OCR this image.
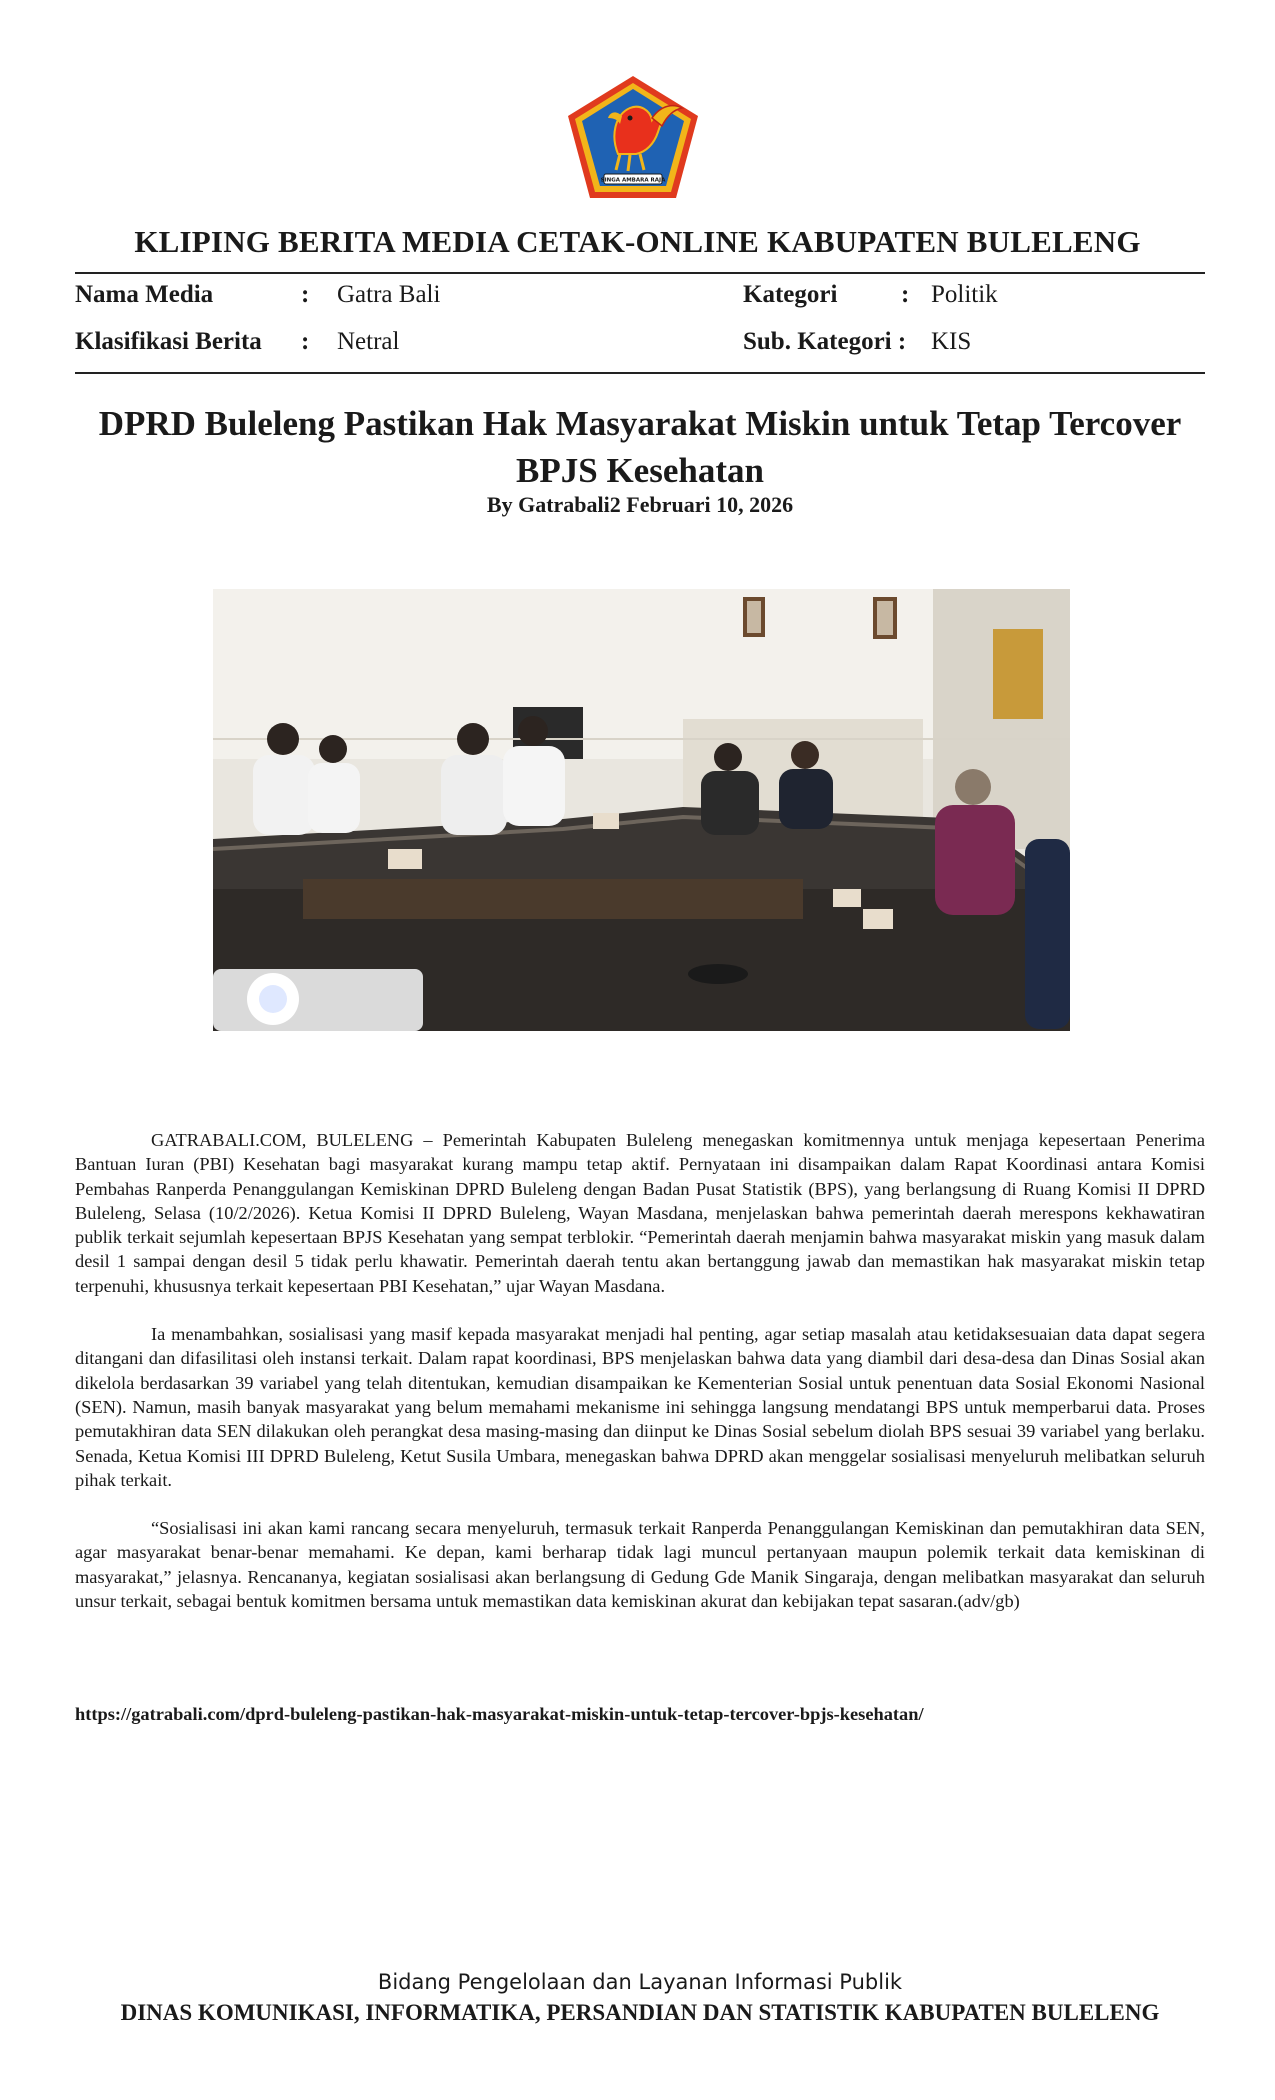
SINGA AMBARA RAJA
KLIPING BERITA MEDIA CETAK-ONLINE KABUPATEN BULELENG
Nama Media	: Gatra Bali	Kategori	: Politik
Klasifikasi Berita : Netral	Sub. Kategori : KIS
DPRD Buleleng Pastikan Hak Masyarakat Miskin untuk Tetap Tercover BPJS Kesehatan
By Gatrabali2 Februari 10, 2026

GATRABALI.COM, BULELENG – Pemerintah Kabupaten Buleleng menegaskan komitmennya untuk menjaga kepesertaan Penerima Bantuan Iuran (PBI) Kesehatan bagi masyarakat kurang mampu tetap aktif. Pernyataan ini disampaikan dalam Rapat Koordinasi antara Komisi Pembahas Ranperda Penanggulangan Kemiskinan DPRD Buleleng dengan Badan Pusat Statistik (BPS), yang berlangsung di Ruang Komisi II DPRD Buleleng, Selasa (10/2/2026). Ketua Komisi II DPRD Buleleng, Wayan Masdana, menjelaskan bahwa pemerintah daerah merespons kekhawatiran publik terkait sejumlah kepesertaan BPJS Kesehatan yang sempat terblokir. “Pemerintah daerah menjamin bahwa masyarakat miskin yang masuk dalam desil 1 sampai dengan desil 5 tidak perlu khawatir. Pemerintah daerah tentu akan bertanggung jawab dan memastikan hak masyarakat miskin tetap terpenuhi, khususnya terkait kepesertaan PBI Kesehatan,” ujar Wayan Masdana.

Ia menambahkan, sosialisasi yang masif kepada masyarakat menjadi hal penting, agar setiap masalah atau ketidaksesuaian data dapat segera ditangani dan difasilitasi oleh instansi terkait. Dalam rapat koordinasi, BPS menjelaskan bahwa data yang diambil dari desa-desa dan Dinas Sosial akan dikelola berdasarkan 39 variabel yang telah ditentukan, kemudian disampaikan ke Kementerian Sosial untuk penentuan data Sosial Ekonomi Nasional (SEN). Namun, masih banyak masyarakat yang belum memahami mekanisme ini sehingga langsung mendatangi BPS untuk memperbarui data. Proses pemutakhiran data SEN dilakukan oleh perangkat desa masing-masing dan diinput ke Dinas Sosial sebelum diolah BPS sesuai 39 variabel yang berlaku. Senada, Ketua Komisi III DPRD Buleleng, Ketut Susila Umbara, menegaskan bahwa DPRD akan menggelar sosialisasi menyeluruh melibatkan seluruh pihak terkait.

“Sosialisasi ini akan kami rancang secara menyeluruh, termasuk terkait Ranperda Penanggulangan Kemiskinan dan pemutakhiran data SEN, agar masyarakat benar-benar memahami. Ke depan, kami berharap tidak lagi muncul pertanyaan maupun polemik terkait data kemiskinan di masyarakat,” jelasnya. Rencananya, kegiatan sosialisasi akan berlangsung di Gedung Gde Manik Singaraja, dengan melibatkan masyarakat dan seluruh unsur terkait, sebagai bentuk komitmen bersama untuk memastikan data kemiskinan akurat dan kebijakan tepat sasaran.(adv/gb)

https://gatrabali.com/dprd-buleleng-pastikan-hak-masyarakat-miskin-untuk-tetap-tercover-bpjs-kesehatan/
Bidang Pengelolaan dan Layanan Informasi Publik
DINAS KOMUNIKASI, INFORMATIKA, PERSANDIAN DAN STATISTIK KABUPATEN BULELENG
